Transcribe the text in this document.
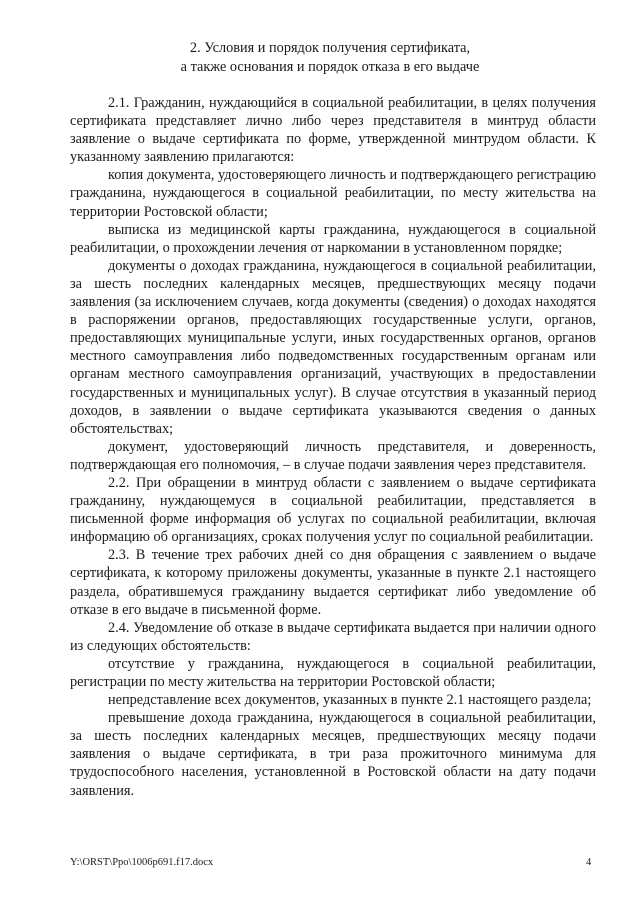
2. Условия и порядок получения сертификата,
а также основания и порядок отказа в его выдаче

2.1. Гражданин, нуждающийся в социальной реабилитации, в целях получения сертификата представляет лично либо через представителя в минтруд области заявление о выдаче сертификата по форме, утвержденной минтрудом области. К указанному заявлению прилагаются:

копия документа, удостоверяющего личность и подтверждающего регистрацию гражданина, нуждающегося в социальной реабилитации, по месту жительства на территории Ростовской области;

выписка из медицинской карты гражданина, нуждающегося в социальной реабилитации, о прохождении лечения от наркомании в установленном порядке;

документы о доходах гражданина, нуждающегося в социальной реабилитации, за шесть последних календарных месяцев, предшествующих месяцу подачи заявления (за исключением случаев, когда документы (сведения) о доходах находятся в распоряжении органов, предоставляющих государственные услуги, органов, предоставляющих муниципальные услуги, иных государственных органов, органов местного самоуправления либо подведомственных государственным органам или органам местного самоуправления организаций, участвующих в предоставлении государственных и муниципальных услуг). В случае отсутствия в указанный период доходов, в заявлении о выдаче сертификата указываются сведения о данных обстоятельствах;

документ, удостоверяющий личность представителя, и доверенность, подтверждающая его полномочия, – в случае подачи заявления через представителя.

2.2. При обращении в минтруд области с заявлением о выдаче сертификата гражданину, нуждающемуся в социальной реабилитации, представляется в письменной форме информация об услугах по социальной реабилитации, включая информацию об организациях, сроках получения услуг по социальной реабилитации.

2.3. В течение трех рабочих дней со дня обращения с заявлением о выдаче сертификата, к которому приложены документы, указанные в пункте 2.1 настоящего раздела, обратившемуся гражданину выдается сертификат либо уведомление об отказе в его выдаче в письменной форме.

2.4. Уведомление об отказе в выдаче сертификата выдается при наличии одного из следующих обстоятельств:

отсутствие у гражданина, нуждающегося в социальной реабилитации, регистрации по месту жительства на территории Ростовской области;

непредставление всех документов, указанных в пункте 2.1 настоящего раздела;

превышение дохода гражданина, нуждающегося в социальной реабилитации, за шесть последних календарных месяцев, предшествующих месяцу подачи заявления о выдаче сертификата, в три раза прожиточного минимума для трудоспособного населения, установленной в Ростовской области на дату подачи заявления.

Y:\ORST\Ppo\1006p691.f17.docx	4
